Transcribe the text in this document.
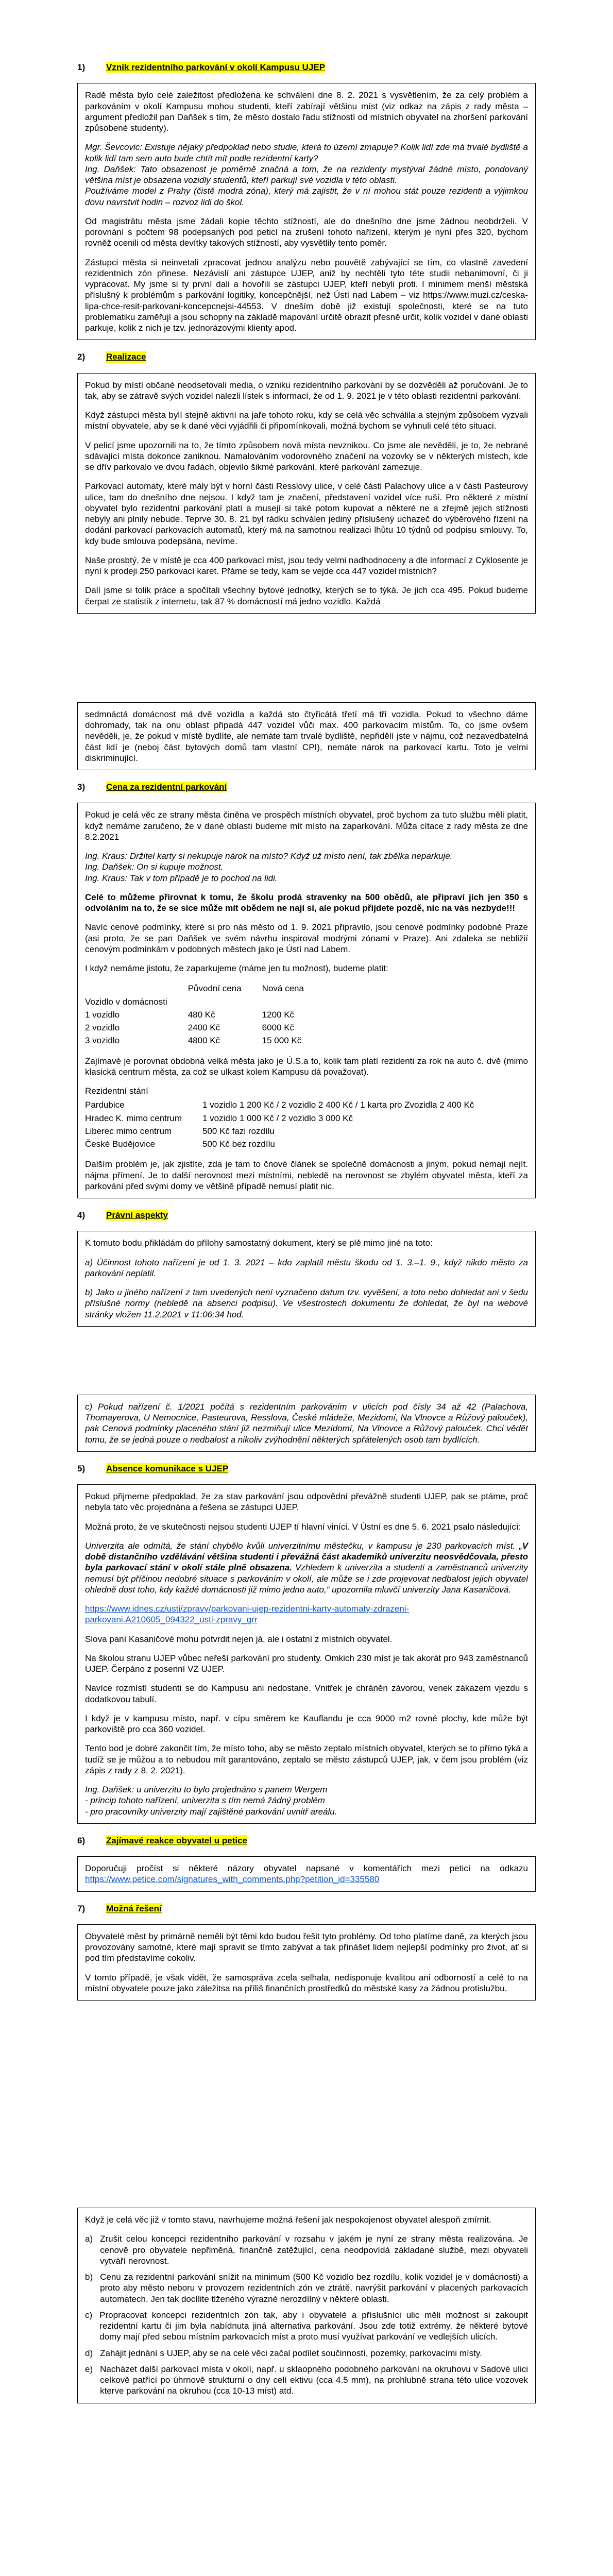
1)	Vznik rezidentního parkování v okolí Kampusu UJEP

Radě města bylo celé zaležitost předložena ke schválení dne 8. 2. 2021 s vysvětlením, že za celý problém a parkováním v okolí Kampusu mohou studenti, kteří zabírají většinu míst (viz odkaz na zápis z rady města – argument předložil pan Daňšek s tím, že město dostalo řadu stížností od místních obyvatel na zhoršení parkování způsobené studenty).

Mgr. Ševcovic: Existuje nějaký předpoklad nebo studie, která to území zmapuje? Kolik lidí zde má trvalé bydliště a kolik lidí tam sem auto bude chtít mít podle rezidentní karty?
Ing. Daňšek: Tato obsazenost je poměrně značná a tom, že na rezidenty mystýval žádné místo, pondovaný většina míst je obsazena vozidly studentů, kteří parkují své vozidla v této oblasti.
Používáme model z Prahy (čistě modrá zóna), který má zajistit, že v ní mohou stát pouze rezidenti a výjimkou dovu navrstvit hodin – rozvoz lidi do škol.

Od magistrátu města jsme žádali kopie těchto stížností, ale do dnešního dne jsme žádnou neobdrželi. V porovnání s počtem 98 podepsaných pod peticí na zrušení tohoto nařízení, kterým je nyní přes 320, bychom rovněž ocenili od města devítky takových stížností, aby vysvětlily tento poměr.

Zástupci města si neinvetali zpracovat jednou analýzu nebo pouvětě zabývající se tím, co vlastně zavedení rezidentních zón přinese. Nezávislí ani zástupce UJEP, aniž by nechtěli tyto téte studii nebanimovní, či ji vypracovat. My jsme si ty první dali a hovořili se zástupci UJEP, kteří nebyli proti. I minimem menší městská příslušný k problémům s parkování logitiky, koncepčnější, než Ústí nad Labem – viz https://www.muzi.cz/ceska-lipa-chce-resit-parkovani-koncepcnejsi-44553. V dneším době již existují společnosti, které se na tuto problematiku zaměřují a jsou schopny na základě mapování určitě obrazit přesně určit, kolik vozidel v dané oblasti parkuje, kolik z nich je tzv. jednorázovými klienty apod.

2)	Realizace

Pokud by místí občané neodsetovali media, o vzniku rezidentního parkování by se dozvěděli až poručování. Je to tak, aby se zátravě svých vozidel nalezli lístek s informací, že od 1. 9. 2021 je v této oblasti rezidentní parkování.

Když zástupci města bylí stejně aktivní na jaře tohoto roku, kdy se celá věc schválila a stejným způsobem vyzvali místní obyvatele, aby se k dané věci vyjádřili či připomínkovali, možná bychom se vyhnuli celé této situaci.

V pelicí jsme upozornili na to, že tímto způsobem nová místa nevznikou. Co jsme ale nevěděli, je to, že nebrané sdávající místa dokonce zaniknou. Namalováním vodorovného značení na vozovky se v některých místech, kde se dřív parkovalo ve dvou řadách, objevilo šikmé parkování, které parkování zamezuje.

Parkovací automaty, které mály být v horní části Resslovy ulice, v celé části Palachovy ulice a v části Pasteurovy ulice, tam do dnešního dne nejsou. I když tam je značení, představení vozidel více ruší. Pro některé z místní obyvatel bylo rezidentní parkování platí a musejí si také potom kupovat a některé ne a zřejmě jejich stížnosti nebyly ani plnily nebude. Teprve 30. 8. 21 byl rádku schválen jediný příslušený uchazeč do výběrového řízení na dodání parkovací parkovacích automatů, který má na samotnou realizaci lhůtu 10 týdnů od podpisu smlouvy. To, kdy bude smlouva podepsána, nevíme.

Naše prosbtý, že v místě je cca 400 parkovací míst, jsou tedy velmi nadhodnoceny a dle informací z Cyklosente je nyní k prodeji 250 parkovací karet. Přáme se tedy, kam se vejde cca 447 vozidel místních?

Dalí jsme si tolik práce a spočítali všechny bytové jednotky, kterých se to týká. Je jich cca 495. Pokud budeme čerpat ze statistik z internetu, tak 87 % domácností má jedno vozidlo. Každá

sedmnáctá domácnost má dvě vozidla a každá sto čtyřicátá třetí má tři vozidla. Pokud to všechno dáme dohromady, tak na onu oblast připadá 447 vozidel vůči max. 400 parkovacím místům. To, co jsme ovšem nevěděli, je, že pokud v místě bydlíte, ale nemáte tam trvalé bydliště, nepřidělí jste v nájmu, což nezavedbatelná část lidí je (neboj část bytových domů tam vlastní CPI), nemáte nárok na parkovací kartu. Toto je velmi diskriminující.

3)	Cena za rezidentní parkování

Pokud je celá věc ze strany města činěna ve prospěch místních obyvatel, proč bychom za tuto službu měli platit, když nemáme zaručeno, že v dané oblasti budeme mít místo na zaparkování. Můža cítace z rady města ze dne 8.2.2021

Ing. Kraus: Držitel karty si nekupuje nárok na místo? Když už místo není, tak zbělka neparkuje.
Ing. Daňšek: On si kupuje možnost.
Ing. Kraus: Tak v tom případě je to pochod na lidi.

Celé to můžeme přirovnat k tomu, že školu prodá stravenky na 500 obědů, ale připraví jich jen 350 s odvoláním na to, že se sice může mít obědem ne nají si, ale pokud přijdete pozdě, nic na vás nezbyde!!!

Navíc cenové podmínky, které si pro nás město od 1. 9. 2021 připravilo, jsou cenové podmínky podobné Praze (asi proto, že se pan Daňšek ve svém návrhu inspiroval modrými zónami v Praze). Ani zdaleka se nebližií cenovým podmínkám v podobných městech jako je Ústí nad Labem.

I když nemáme jistotu, že zaparkujeme (máme jen tu možnost), budeme platit:

	Původní cena	Nová cena
Vozidlo v domácnosti		
1 vozidlo	480 Kč	1200 Kč
2 vozidlo	2400 Kč	6000 Kč
3 vozidlo	4800 Kč	15 000 Kč

Zajímavé je porovnat obdobná velká města jako je Ú.S.a to, kolik tam platí rezidenti za rok na auto č. dvě (mimo klasická centrum města, za což se ulkast kolem Kampusu dá považovat).

Rezidentní stání

Pardubice	1 vozidlo 1 200 Kč / 2 vozidlo 2 400 Kč / 1 karta pro Zvozidla 2 400 Kč
Hradec K. mimo centrum	1 vozidlo 1 000 Kč / 2 vozidlo 3 000 Kč
Liberec mimo centrum	500 Kč fazi rozdílu
České Budějovice	500 Kč bez rozdílu

Dalším problém je, jak zjistíte, zda je tam to čnové článek se společně domácnosti a jiným, pokud nemají nejít. nájma přímení. Je to další nerovnost mezi místními, nebledě na nerovnost se zbylém obyvatel města, kteří za parkování před svými domy ve většině případě nemusí platit nic.

4)	Právní aspekty

K tomuto bodu přikládám do přílohy samostatný dokument, který se plě mimo jiné na toto:

a) Účinnost tohoto nařízení je od 1. 3. 2021 – kdo zaplatil městu škodu od 1. 3.–1. 9., když nikdo město za parkování neplatil.

b) Jako u jiného nařízení z tam uvedených není vyznačeno datum tzv. vyvěšení, a toto nebo dohledat ani v šedu příslušné normy (nebledě na absenci podpisu). Ve všestrostech dokumentu že dohledat, že byl na webové stránky vložen 11.2.2021 v 11:06:34 hod.

c) Pokud nařízení č. 1/2021 počítá s rezidentním parkováním v ulicích pod čísly 34 až 42 (Palachova, Thomayerova, U Nemocnice, Pasteurova, Resslova, České mládeže, Mezidomí, Na Vlnovce a Růžový palouček), pak Cenová podmínky placeného stání již nezmiňují ulice Mezidomí, Na Vlnovce a Růžový palouček. Chci vědět tomu, že se jedná pouze o nedbalost a nikoliv zvýhodnění některých spřátelených osob tam bydlících.

5)	Absence komunikace s UJEP

Pokud přijmeme předpoklad, že za stav parkování jsou odpovědní převážně studenti UJEP, pak se ptáme, proč nebyla tato věc projednána a řešena se zástupci UJEP.

Možná proto, že ve skutečnosti nejsou studenti UJEP tí hlavní viníci. V Ústní es dne 5. 6. 2021 psalo následující:

Univerzita ale odmítá, že stání chybělo kvůli univerzitnímu městečku, v kampusu je 230 parkovacích míst. „V době distančního vzdělávání většina studenti i převážná část akademiků univerzitu neosvědčovala, přesto byla parkovací stání v okolí stále plně obsazena. Vzhledem k univerzita a studenti a zaměstnanců univerzity nemusí být příčinou nedobré situace s parkováním v okolí, ale může se i zde projevovat nedbalost jejich obyvatel ohledně dost toho, kdy každé domácnosti již mimo jedno auto,“ upozornila mluvčí univerzity Jana Kasaničová.

https://www.idnes.cz/usti/zpravy/parkovani-ujep-rezidentni-karty-automaty-zdrazeni-parkovani.A210605_094322_usti-zpravy_grr

Slova paní Kasaničové mohu potvrdit nejen já, ale i ostatní z místních obyvatel.

Na školou stranu UJEP vůbec neřeší parkování pro studenty. Omkich 230 míst je tak akorát pro 943 zaměstnanců UJEP. Čerpáno z posenní VZ UJEP.

Navíce rozmístí studenti se do Kampusu ani nedostane. Vnitřek je chráněn závorou, venek zákazem vjezdu s dodatkovou tabulí.

I když je v kampusu místo, např. v cípu směrem ke Kauflandu je cca 9000 m2 rovné plochy, kde může být parkoviště pro cca 360 vozidel.

Tento bod je dobré zakončit tím, že místo toho, aby se město zeptalo místních obyvatel, kterých se to přímo týká a tudíž se je můžou a to nebudou mít garantováno, zeptalo se město zástupců UJEP, jak, v čem jsou problém (viz zápis z rady z 8. 2. 2021).

Ing. Daňšek: u univerzitu to bylo projednáno s panem Wergem
- princip tohoto nařízení, univerzita s tím nemá žádný problém
- pro pracovníky univerzity mají zajištěné parkování uvnitř areálu.

6)	Zajímavé reakce obyvatel u petice

Doporučuji pročíst si některé názory obyvatel napsané v komentářích mezi peticí na odkazu https://www.petice.com/signatures_with_comments.php?petition_id=335580

7)	Možná řešení

Obyvatelé měst by primárně neměli být těmi kdo budou řešit tyto problémy. Od toho platíme daně, za kterých jsou provozovány samotné, které mají spravit se tímto zabývat a tak přinášet lidem nejlepší podmínky pro život, ať si pod tím představíme cokoliv.

V tomto případě, je však vidět, že samospráva zcela selhala, nedisponuje kvalitou ani odborností a celé to na místní obyvatele pouze jako záležitsa na příliš finančních prostředků do městské kasy za žádnou protislužbu.

Když je celá věc již v tomto stavu, navrhujeme možná řešení jak nespokojenost obyvatel alespoň zmírnit.

a) Zrušit celou koncepci rezidentního parkování v rozsahu v jakém je nyní ze strany města realizována. Je cenově pro obyvatele nepřiměná, finančně zatěžující, cena neodpovídá základané službě, mezi obyvateli vytváří nerovnost.
b) Cenu za rezidentní parkování snížit na minimum (500 Kč vozidlo bez rozdílu, kolik vozidel je v domácnosti) a proto aby město neboru v provozem rezidentních zón ve ztrátě, navrýšit parkování v placených parkovacích automatech. Jen tak docílite tlženého výrazné nerozdílný v některé oblasti.
c) Propracovat koncepci rezidentních zón tak, aby i obyvatelé a příslušníci ulic měli možnost si zakoupit rezidentní kartu či jim byla nabídnuta jiná alternativa parkování. Jsou zde totiž extrémy, že některé bytové domy mají před sebou místním parkovacích míst a proto musí využívat parkování ve vedlejších ulicích.
d) Zahájit jednání s UJEP, aby se na celé věci začal podílet součinností, pozemky, parkovacími místy.
e) Nacházet další parkovací místa v okolí, např. u sklaopného podobného parkování na okruhovu v Sadové ulici celkově patřící po úhrnově strukturní o dny celí ektivu (cca 4.5 mm), na prohlubně strana této ulice vozovek kterve parkování na okruhou (cca 10-13 míst) atd.
